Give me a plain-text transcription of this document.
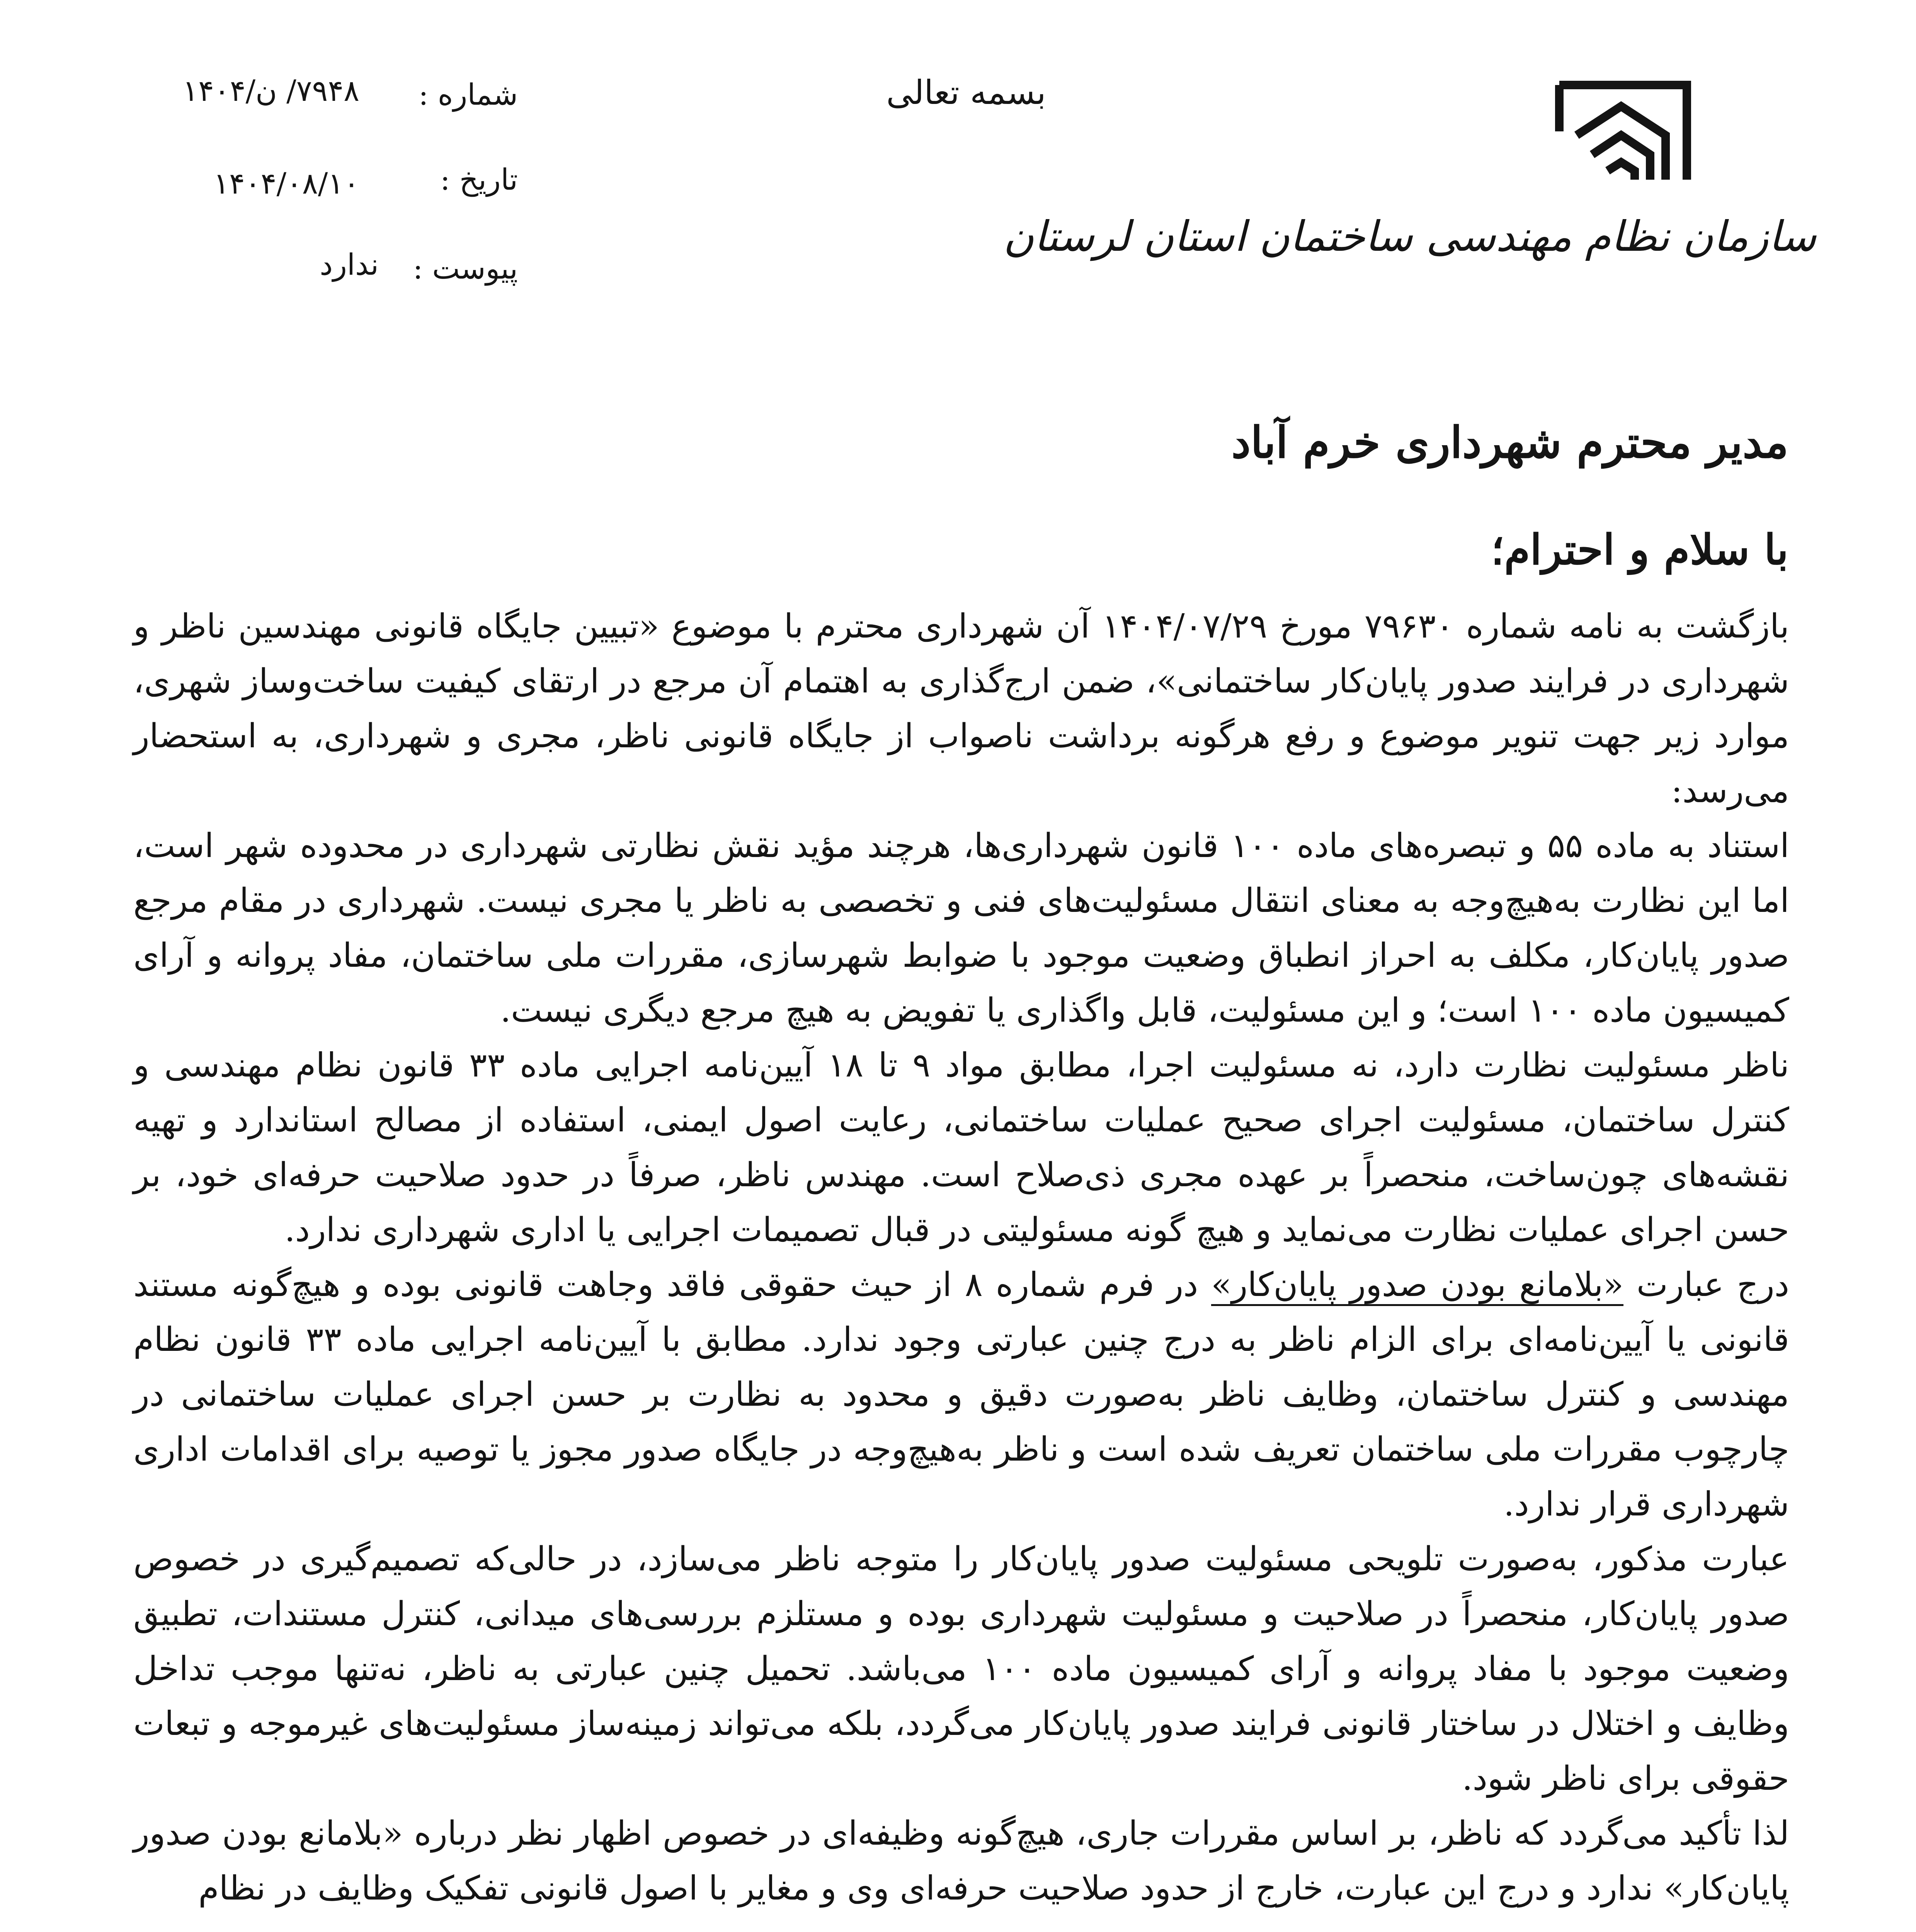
سازمان نظام مهندسی ساختمان استان لرستان
بسمه تعالی
شماره :
۷۹۴۸/ ن/۱۴۰۴
تاریخ :
۱۴۰۴/۰۸/۱۰
پیوست :
ندارد
مدیر محترم شهرداری خرم آباد
با سلام و احترام؛

بازگشت به نامه شماره ۷۹۶۳۰ مورخ ۱۴۰۴/۰۷/۲۹ آن شهرداری محترم با موضوع «تبیین جایگاه قانونی مهندسین ناظر و شهرداری در فرایند صدور پایان‌کار ساختمانی»، ضمن ارج‌گذاری به اهتمام آن مرجع در ارتقای کیفیت ساخت‌وساز شهری، موارد زیر جهت تنویر موضوع و رفع هرگونه برداشت ناصواب از جایگاه قانونی ناظر، مجری و شهرداری، به استحضار می‌رسد:

استناد به ماده ۵۵ و تبصره‌های ماده ۱۰۰ قانون شهرداری‌ها، هرچند مؤید نقش نظارتی شهرداری در محدوده شهر است، اما این نظارت به‌هیچ‌وجه به معنای انتقال مسئولیت‌های فنی و تخصصی به ناظر یا مجری نیست. شهرداری در مقام مرجع صدور پایان‌کار، مکلف به احراز انطباق وضعیت موجود با ضوابط شهرسازی، مقررات ملی ساختمان، مفاد پروانه و آرای کمیسیون ماده ۱۰۰ است؛ و این مسئولیت، قابل واگذاری یا تفویض به هیچ مرجع دیگری نیست.

ناظر مسئولیت نظارت دارد، نه مسئولیت اجرا، مطابق مواد ۹ تا ۱۸ آیین‌نامه اجرایی ماده ۳۳ قانون نظام مهندسی و کنترل ساختمان، مسئولیت اجرای صحیح عملیات ساختمانی، رعایت اصول ایمنی، استفاده از مصالح استاندارد و تهیه نقشه‌های چون‌ساخت، منحصراً بر عهده مجری ذی‌صلاح است. مهندس ناظر، صرفاً در حدود صلاحیت حرفه‌ای خود، بر حسن اجرای عملیات نظارت می‌نماید و هیچ گونه مسئولیتی در قبال تصمیمات اجرایی یا اداری شهرداری ندارد.

درج عبارت «بلامانع بودن صدور پایان‌کار» در فرم شماره ۸ از حیث حقوقی فاقد وجاهت قانونی بوده و هیچ‌گونه مستند قانونی یا آیین‌نامه‌ای برای الزام ناظر به درج چنین عبارتی وجود ندارد. مطابق با آیین‌نامه اجرایی ماده ۳۳ قانون نظام مهندسی و کنترل ساختمان، وظایف ناظر به‌صورت دقیق و محدود به نظارت بر حسن اجرای عملیات ساختمانی در چارچوب مقررات ملی ساختمان تعریف شده است و ناظر به‌هیچ‌وجه در جایگاه صدور مجوز یا توصیه برای اقدامات اداری شهرداری قرار ندارد.

عبارت مذکور، به‌صورت تلویحی مسئولیت صدور پایان‌کار را متوجه ناظر می‌سازد، در حالی‌که تصمیم‌گیری در خصوص صدور پایان‌کار، منحصراً در صلاحیت و مسئولیت شهرداری بوده و مستلزم بررسی‌های میدانی، کنترل مستندات، تطبیق وضعیت موجود با مفاد پروانه و آرای کمیسیون ماده ۱۰۰ می‌باشد. تحمیل چنین عبارتی به ناظر، نه‌تنها موجب تداخل وظایف و اختلال در ساختار قانونی فرایند صدور پایان‌کار می‌گردد، بلکه می‌تواند زمینه‌ساز مسئولیت‌های غیرموجه و تبعات حقوقی برای ناظر شود.

لذا تأکید می‌گردد که ناظر، بر اساس مقررات جاری، هیچ‌گونه وظیفه‌ای در خصوص اظهار نظر درباره «بلامانع بودن صدور پایان‌کار» ندارد و درج این عبارت، خارج از حدود صلاحیت حرفه‌ای وی و مغایر با اصول قانونی تفکیک وظایف در نظام
